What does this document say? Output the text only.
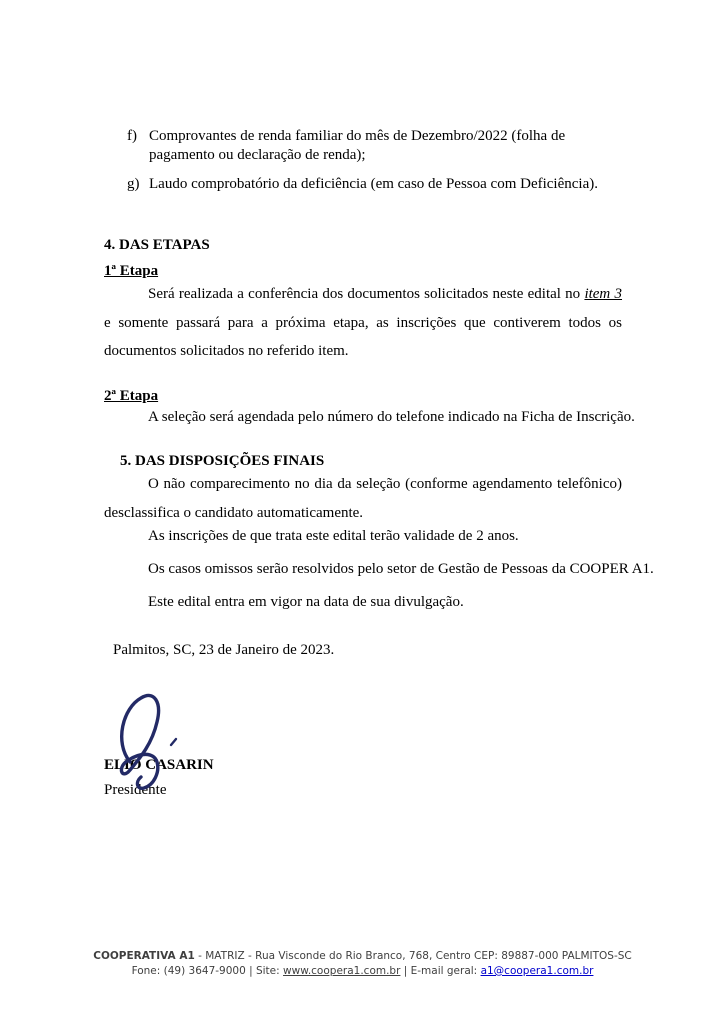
f) Comprovantes de renda familiar do mês de Dezembro/2022 (folha de pagamento ou declaração de renda);
g) Laudo comprobatório da deficiência (em caso de Pessoa com Deficiência).
4. DAS ETAPAS
1ª Etapa

Será realizada a conferência dos documentos solicitados neste edital no item 3 e somente passará para a próxima etapa, as inscrições que contiverem todos os documentos solicitados no referido item.

2ª Etapa

A seleção será agendada pelo número do telefone indicado na Ficha de Inscrição.

5. DAS DISPOSIÇÕES FINAIS

O não comparecimento no dia da seleção (conforme agendamento telefônico) desclassifica o candidato automaticamente.

As inscrições de que trata este edital terão validade de 2 anos.

Os casos omissos serão resolvidos pelo setor de Gestão de Pessoas da COOPER A1.

Este edital entra em vigor na data de sua divulgação.

Palmitos, SC, 23 de Janeiro de 2023.

ELIO CASARIN

Presidente

COOPERATIVA A1 - MATRIZ - Rua Visconde do Rio Branco, 768, Centro CEP: 89887-000 PALMITOS-SC
Fone: (49) 3647-9000 | Site: www.coopera1.com.br | E-mail geral: a1@coopera1.com.br
